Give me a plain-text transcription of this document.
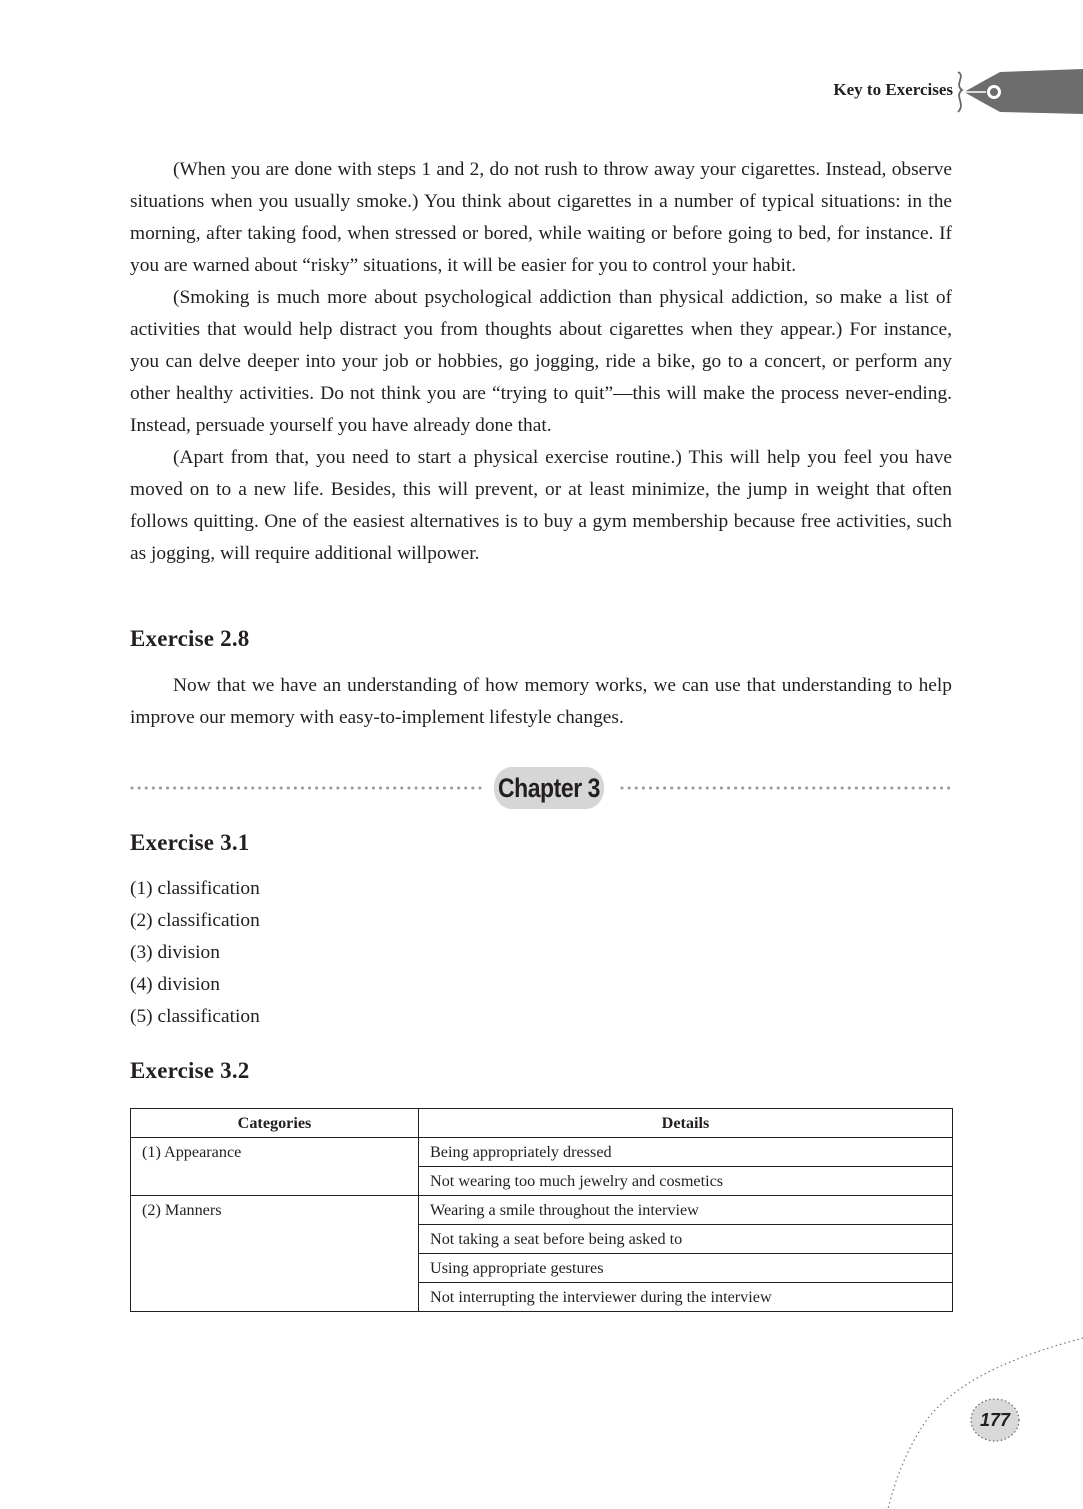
Key to Exercises

(When you are done with steps 1 and 2, do not rush to throw away your cigarettes. Instead, observe situations when you usually smoke.) You think about cigarettes in a number of typical situations: in the morning, after taking food, when stressed or bored, while waiting or before going to bed, for instance. If you are warned about “risky” situations, it will be easier for you to control your habit.

(Smoking is much more about psychological addiction than physical addiction, so make a list of activities that would help distract you from thoughts about cigarettes when they appear.) For instance, you can delve deeper into your job or hobbies, go jogging, ride a bike, go to a concert, or perform any other healthy activities. Do not think you are “trying to quit”—this will make the process never-ending. Instead, persuade yourself you have already done that.

(Apart from that, you need to start a physical exercise routine.) This will help you feel you have moved on to a new life. Besides, this will prevent, or at least minimize, the jump in weight that often follows quitting. One of the easiest alternatives is to buy a gym membership because free activities, such as jogging, will require additional willpower.

Exercise 2.8

Now that we have an understanding of how memory works, we can use that understanding to help improve our memory with easy-to-implement lifestyle changes.

Chapter 3
Exercise 3.1
(1) classification
(2) classification
(3) division
(4) division
(5) classification
Exercise 3.2
Categories	Details
(1) Appearance	Being appropriately dressed
	Not wearing too much jewelry and cosmetics
(2) Manners	Wearing a smile throughout the interview
	Not taking a seat before being asked to
	Using appropriate gestures
	Not interrupting the interviewer during the interview
177
